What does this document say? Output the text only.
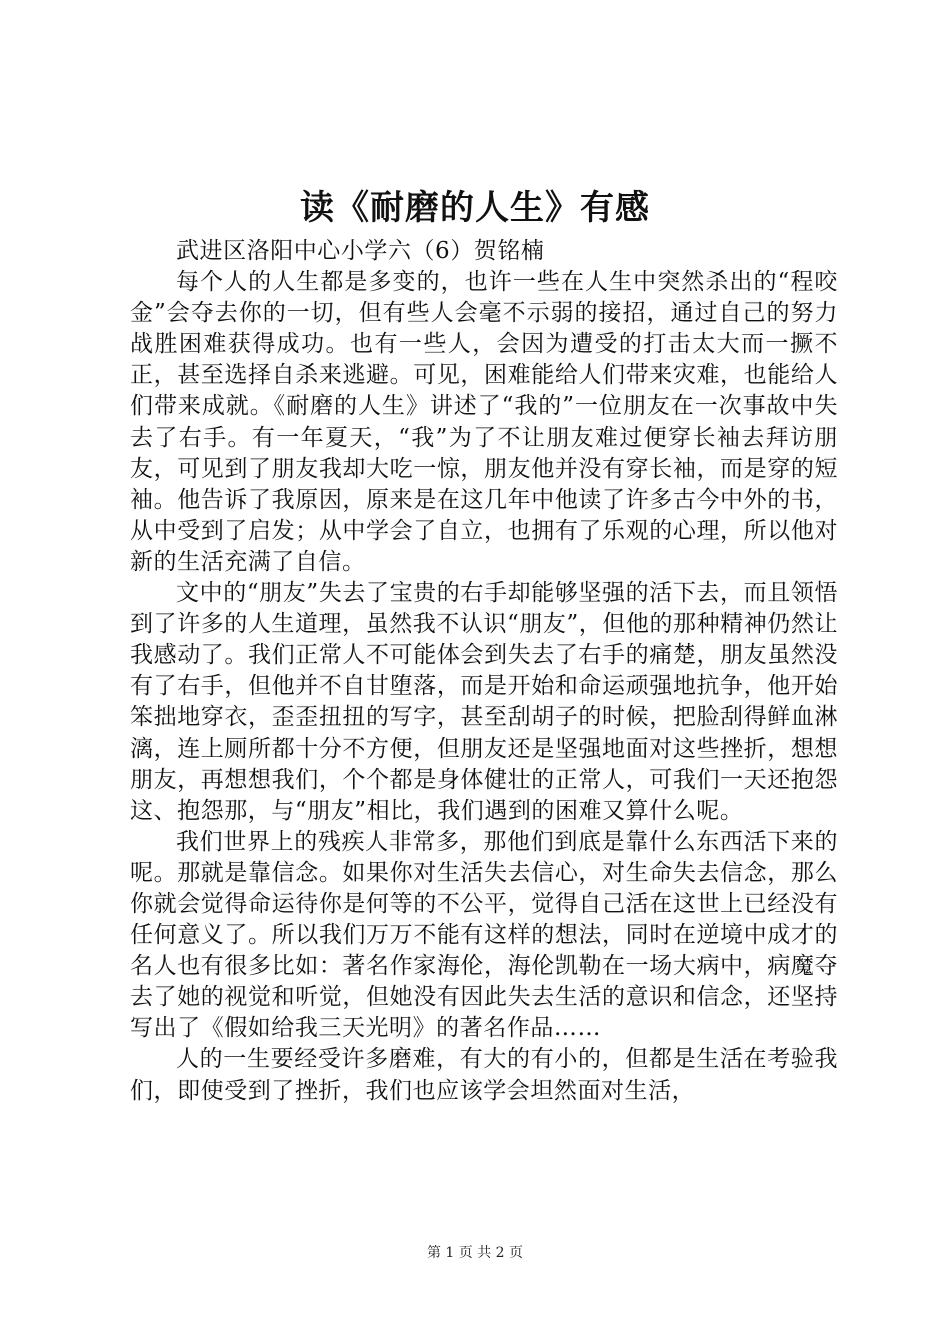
读《耐磨的人生》有感

武进区洛阳中心小学六（6）贺铭楠

每个人的人生都是多变的，也许一些在人生中突然杀出的“程咬金”会夺去你的一切，但有些人会毫不示弱的接招，通过自己的努力战胜困难获得成功。也有一些人，会因为遭受的打击太大而一撅不正，甚至选择自杀来逃避。可见，困难能给人们带来灾难，也能给人们带来成就。《耐磨的人生》讲述了“我的”一位朋友在一次事故中失去了右手。有一年夏天，“我”为了不让朋友难过便穿长袖去拜访朋友，可见到了朋友我却大吃一惊，朋友他并没有穿长袖，而是穿的短袖。他告诉了我原因，原来是在这几年中他读了许多古今中外的书，从中受到了启发；从中学会了自立，也拥有了乐观的心理，所以他对新的生活充满了自信。

文中的“朋友”失去了宝贵的右手却能够坚强的活下去，而且领悟到了许多的人生道理，虽然我不认识“朋友”，但他的那种精神仍然让我感动了。我们正常人不可能体会到失去了右手的痛楚，朋友虽然没有了右手，但他并不自甘堕落，而是开始和命运顽强地抗争，他开始笨拙地穿衣，歪歪扭扭的写字，甚至刮胡子的时候，把脸刮得鲜血淋漓，连上厕所都十分不方便，但朋友还是坚强地面对这些挫折，想想朋友，再想想我们，个个都是身体健壮的正常人，可我们一天还抱怨这、抱怨那，与“朋友”相比，我们遇到的困难又算什么呢。

我们世界上的残疾人非常多，那他们到底是靠什么东西活下来的呢。那就是靠信念。如果你对生活失去信心，对生命失去信念，那么你就会觉得命运待你是何等的不公平，觉得自己活在这世上已经没有任何意义了。所以我们万万不能有这样的想法，同时在逆境中成才的名人也有很多比如：著名作家海伦，海伦凯勒在一场大病中，病魔夺去了她的视觉和听觉，但她没有因此失去生活的意识和信念，还坚持写出了《假如给我三天光明》的著名作品……

人的一生要经受许多磨难，有大的有小的，但都是生活在考验我们，即使受到了挫折，我们也应该学会坦然面对生活，

第 1 页 共 2 页
